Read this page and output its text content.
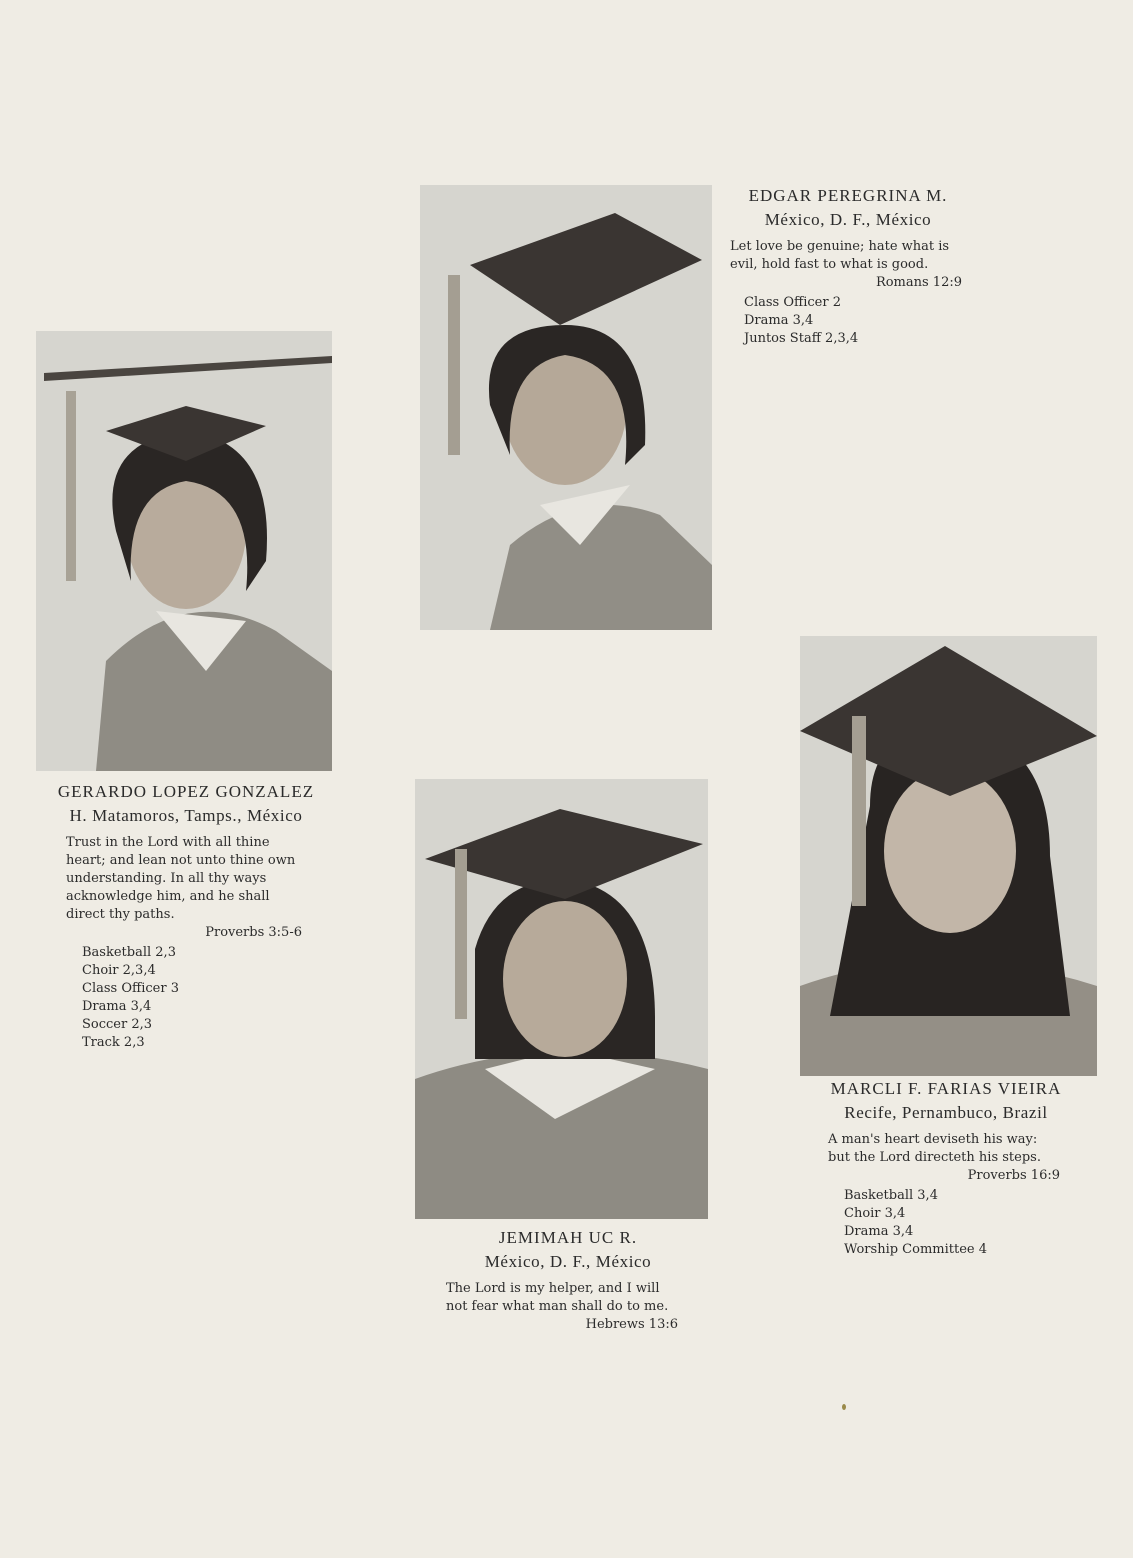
EDGAR PEREGRINA M.
México, D. F., México
Let love be genuine; hate what is
evil, hold fast to what is good.
Romans 12:9
Class Officer 2
Drama 3,4
Juntos Staff 2,3,4
GERARDO LOPEZ GONZALEZ
H. Matamoros, Tamps., México
Trust in the Lord with all thine
heart; and lean not unto thine own
understanding. In all thy ways
acknowledge him, and he shall
direct thy paths.
Proverbs 3:5-6
Basketball 2,3
Choir 2,3,4
Class Officer 3
Drama 3,4
Soccer 2,3
Track 2,3
JEMIMAH UC R.
México, D. F., México
The Lord is my helper, and I will
not fear what man shall do to me.
Hebrews 13:6
MARCLI F. FARIAS VIEIRA
Recife, Pernambuco, Brazil
A man's heart deviseth his way:
but the Lord directeth his steps.
Proverbs 16:9
Basketball 3,4
Choir 3,4
Drama 3,4
Worship Committee 4
